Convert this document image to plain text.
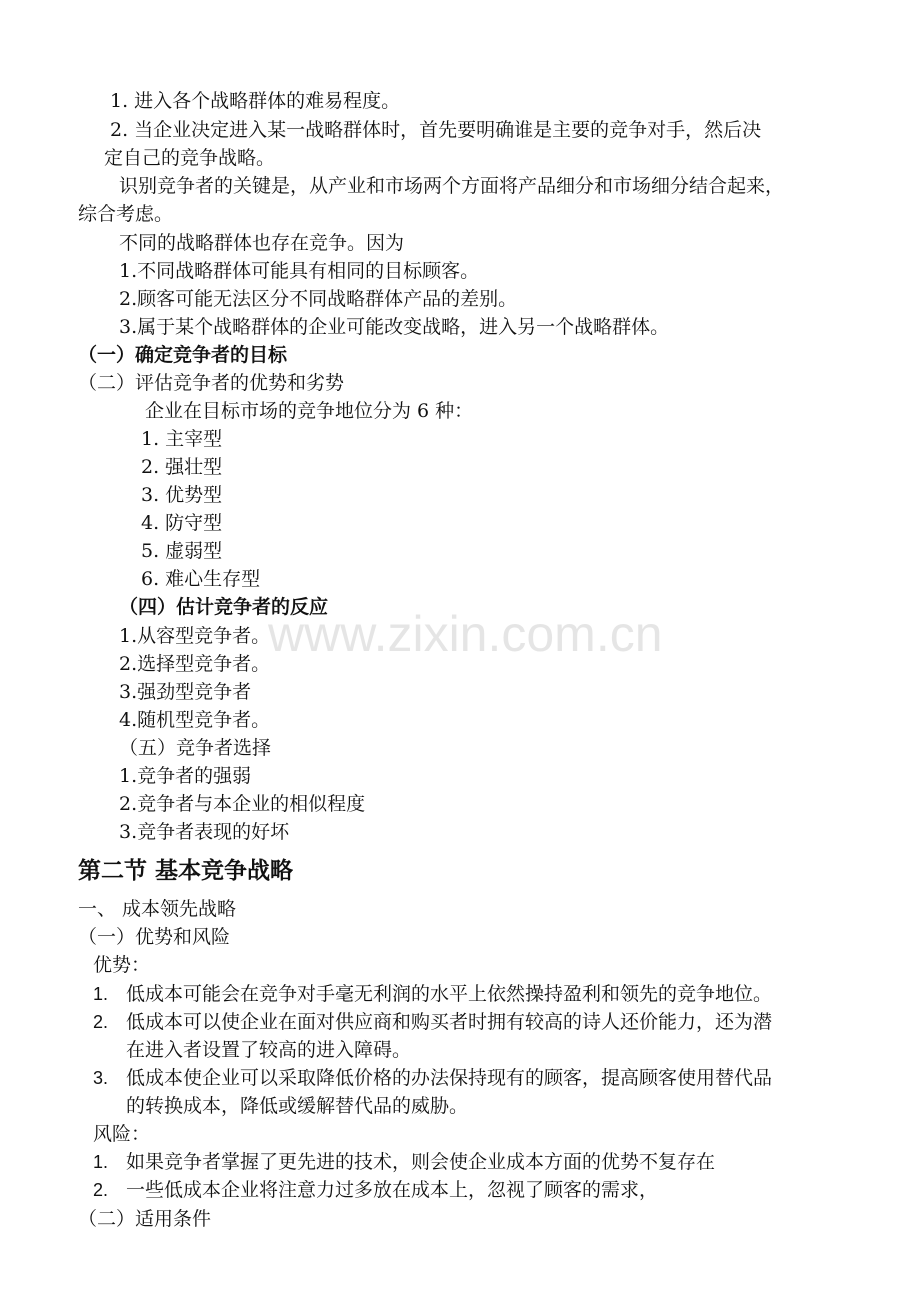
www.zixin.com.cn
1. 进入各个战略群体的难易程度。
2. 当企业决定进入某一战略群体时，首先要明确谁是主要的竞争对手，然后决
定自己的竞争战略。
识别竞争者的关键是，从产业和市场两个方面将产品细分和市场细分结合起来，
综合考虑。
不同的战略群体也存在竞争。因为
1.不同战略群体可能具有相同的目标顾客。
2.顾客可能无法区分不同战略群体产品的差别。
3.属于某个战略群体的企业可能改变战略，进入另一个战略群体。
（一）确定竞争者的目标
（二）评估竞争者的优势和劣势
企业在目标市场的竞争地位分为 6 种：
1. 主宰型
2. 强壮型
3. 优势型
4. 防守型
5. 虚弱型
6. 难心生存型
（四）估计竞争者的反应
1.从容型竞争者。
2.选择型竞争者。
3.强劲型竞争者
4.随机型竞争者。
（五）竞争者选择
1.竞争者的强弱
2.竞争者与本企业的相似程度
3.竞争者表现的好坏
第二节 基本竞争战略
一、 成本领先战略
（一）优势和风险
优势：
1. 低成本可能会在竞争对手毫无利润的水平上依然操持盈利和领先的竞争地位。
2. 低成本可以使企业在面对供应商和购买者时拥有较高的诗人还价能力，还为潜
在进入者设置了较高的进入障碍。
3. 低成本使企业可以采取降低价格的办法保持现有的顾客，提高顾客使用替代品
的转换成本，降低或缓解替代品的威胁。
风险：
1. 如果竞争者掌握了更先进的技术，则会使企业成本方面的优势不复存在
2. 一些低成本企业将注意力过多放在成本上，忽视了顾客的需求，
（二）适用条件
